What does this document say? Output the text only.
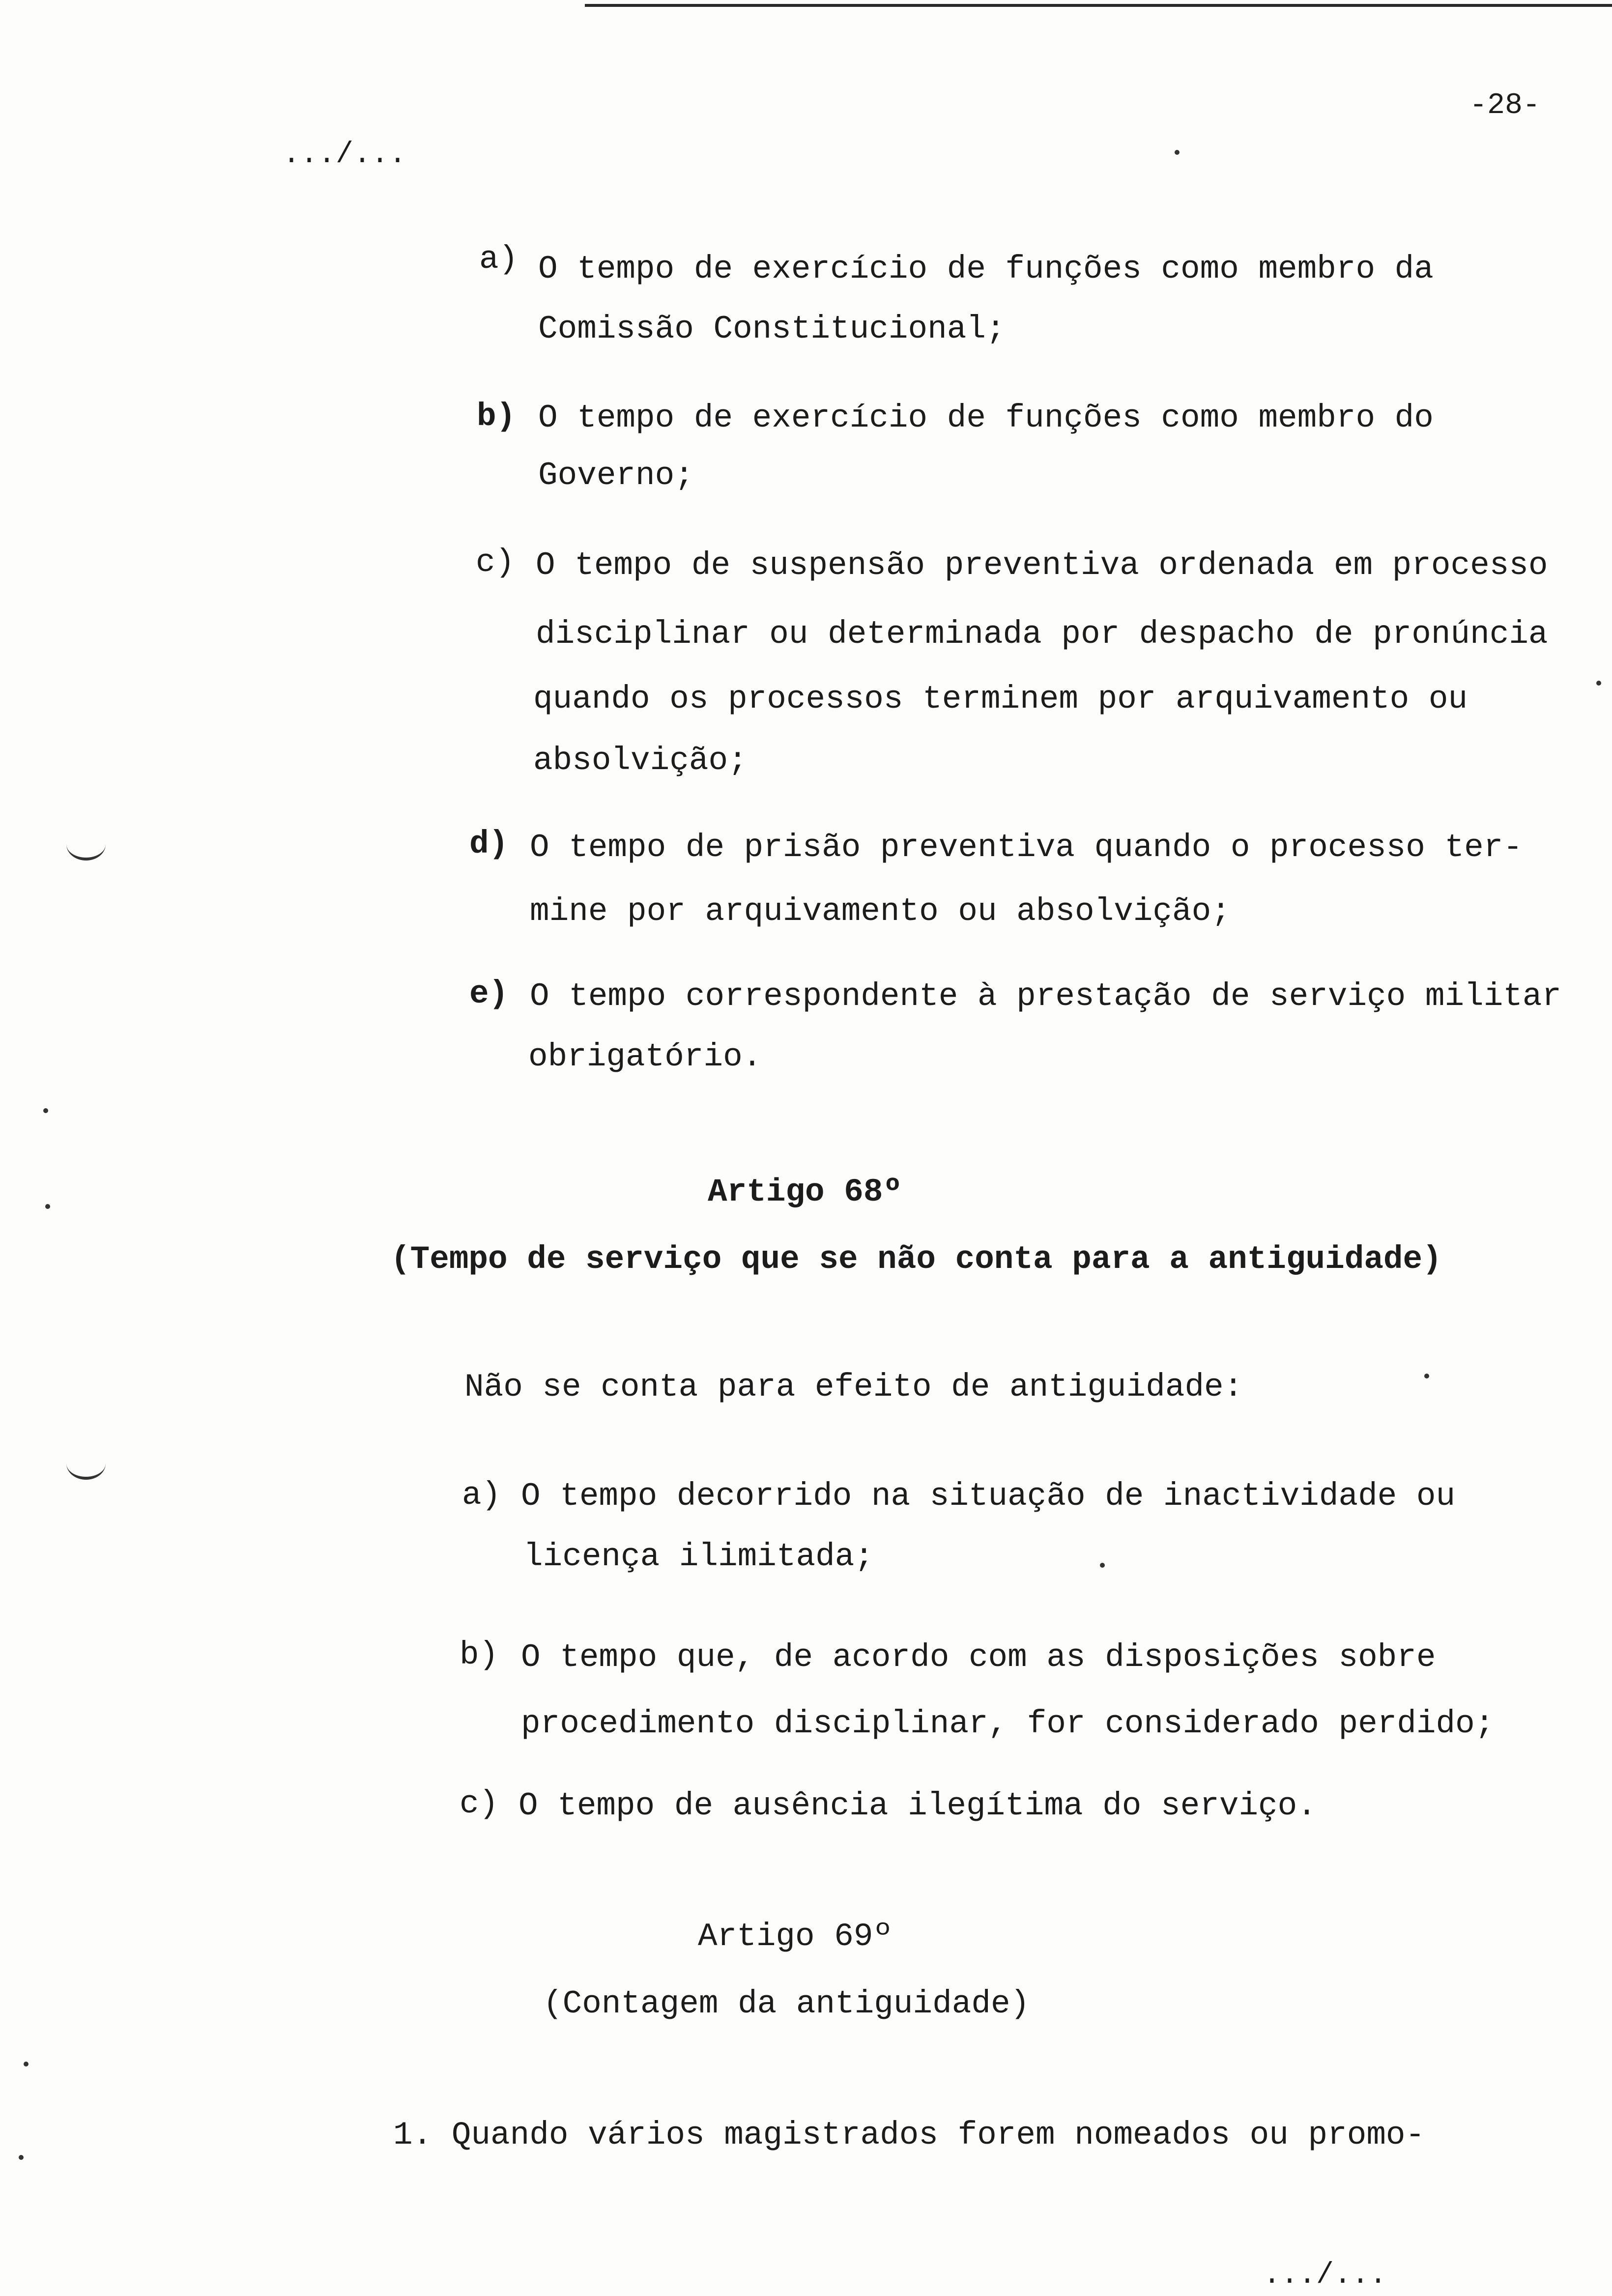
-28-
.../...
a) O tempo de exercício de funções como membro da
Comissão Constitucional;
b) O tempo de exercício de funções como membro do
Governo;
c) O tempo de suspensão preventiva ordenada em processo
disciplinar ou determinada por despacho de pronúncia
quando os processos terminem por arquivamento ou
absolvição;
d) O tempo de prisão preventiva quando o processo ter-
mine por arquivamento ou absolvição;
e) O tempo correspondente à prestação de serviço militar
obrigatório.
Artigo 68º
(Tempo de serviço que se não conta para a antiguidade)
Não se conta para efeito de antiguidade:
a) O tempo decorrido na situação de inactividade ou
licença ilimitada;
b) O tempo que, de acordo com as disposições sobre
procedimento disciplinar, for considerado perdido;
c) O tempo de ausência ilegítima do serviço.
Artigo 69º
(Contagem da antiguidade)
1. Quando vários magistrados forem nomeados ou promo-
.../...
